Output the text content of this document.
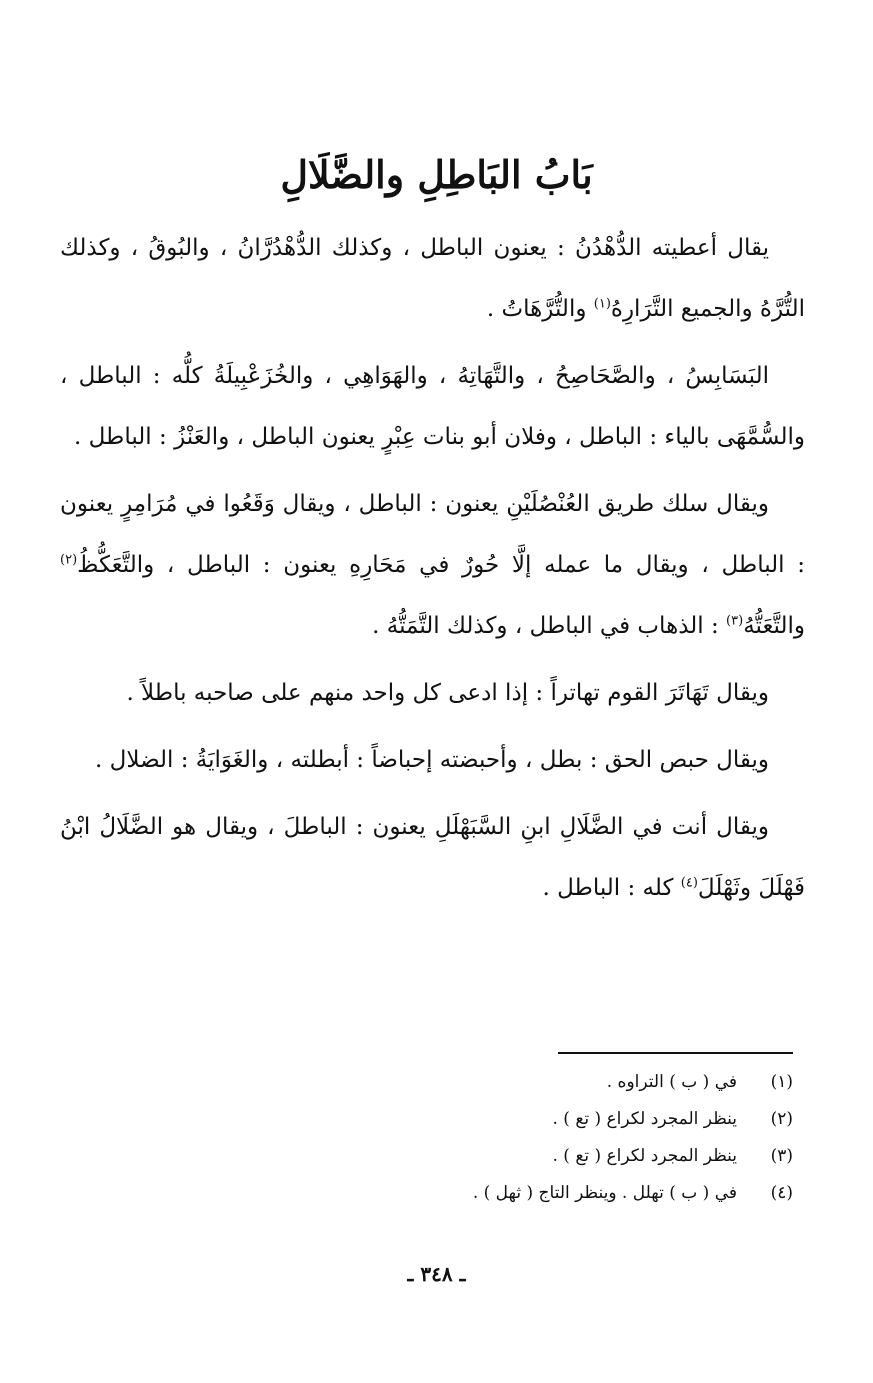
بَابُ البَاطِلِ والضَّلَالِ

يقال أعطيته الدُّهْدُنُ : يعنون الباطل ، وكذلك الدُّهْدُرَّانُ ، والبُوقُ ، وكذلك التُّرَّهُ والجميع التَّرَارِهُ$^{(١)}$ والتُّرَّهَاتُ .

البَسَابِسُ ، والصَّحَاصِحُ ، والتَّهَاتِهُ ، والهَوَاهِي ، والخُزَعْبِيلَةُ كلُّه : الباطل ، والسُّمَّهَى بالياء : الباطل ، وفلان أبو بنات عِبْرٍ يعنون الباطل ، والعَنْزُ : الباطل .

ويقال سلك طريق العُنْصُلَيْنِ يعنون : الباطل ، ويقال وَقَعُوا في مُرَامِرٍ يعنون : الباطل ، ويقال ما عمله إلَّا حُورٌ في مَحَارِهِ يعنون : الباطل ، والتَّعَكُّظُ$^{(٢)}$ والتَّعَتُّهُ$^{(٣)}$ : الذهاب في الباطل ، وكذلك التَّمَتُّهُ .

ويقال تَهَاتَرَ القوم تهاتراً : إذا ادعى كل واحد منهم على صاحبه باطلاً .

ويقال حبص الحق : بطل ، وأحبضته إحباضاً : أبطلته ، والغَوَايَةُ : الضلال .

ويقال أنت في الضَّلَالِ ابنِ السَّبَهْلَلِ يعنون : الباطلَ ، ويقال هو الضَّلَالُ ابْنُ فَهْلَلَ وثَهْلَلَ$^{(٤)}$ كله : الباطل .

(١)
في ( ب ) التراوه .
(٢)
ينظر المجرد لكراع ( تع ) .
(٣)
ينظر المجرد لكراع ( تع ) .
(٤)
في ( ب ) تهلل . وينظر التاج ( ثهل ) .
ـ ٣٤٨ ـ
